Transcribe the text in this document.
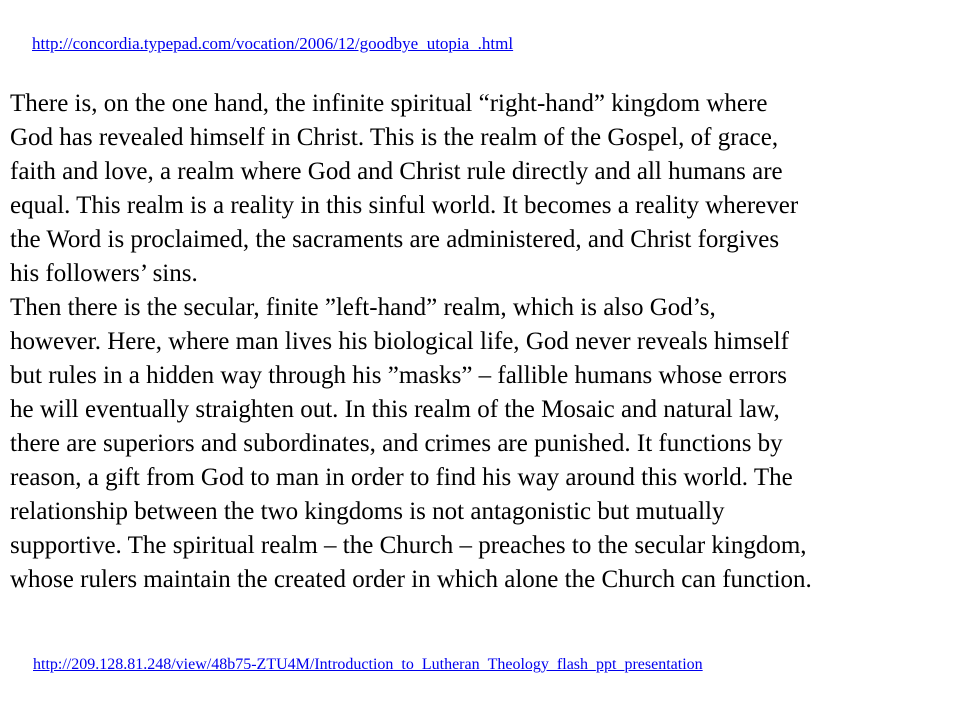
http://concordia.typepad.com/vocation/2006/12/goodbye_utopia_.html
There is, on the one hand, the infinite spiritual “right-hand” kingdom where
God has revealed himself in Christ. This is the realm of the Gospel, of grace,
faith and love, a realm where God and Christ rule directly and all humans are
equal. This realm is a reality in this sinful world. It becomes a reality wherever
the Word is proclaimed, the sacraments are administered, and Christ forgives
his followers’ sins.
Then there is the secular, finite ”left-hand” realm, which is also God’s,
however. Here, where man lives his biological life, God never reveals himself
but rules in a hidden way through his ”masks” – fallible humans whose errors
he will eventually straighten out. In this realm of the Mosaic and natural law,
there are superiors and subordinates, and crimes are punished. It functions by
reason, a gift from God to man in order to find his way around this world. The
relationship between the two kingdoms is not antagonistic but mutually
supportive. The spiritual realm – the Church – preaches to the secular kingdom,
whose rulers maintain the created order in which alone the Church can function.
http://209.128.81.248/view/48b75-ZTU4M/Introduction_to_Lutheran_Theology_flash_ppt_presentation
